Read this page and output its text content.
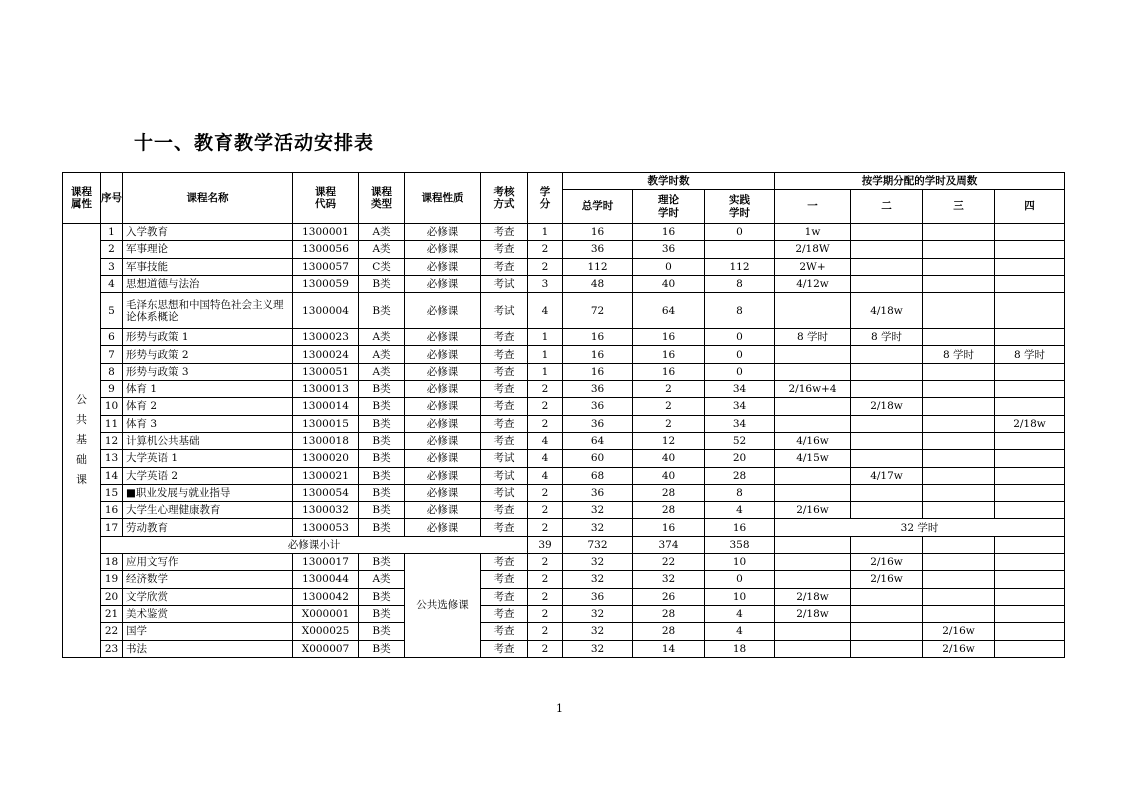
十一、教育教学活动安排表
课程属性	序号	课程名称	课程代码	课程类型	课程性质	考核方式	学分	教学时数			按学期分配的学时及周数			
								总学时	理论学时	实践学时	一	二	三	四

公
共
基
础
课	1	入学教育	1300001	A类	必修课	考查	1	16	16	0	1w			
	2	军事理论	1300056	A类	必修课	考查	2	36	36		2/18W			
	3	军事技能	1300057	C类	必修课	考查	2	112	0	112	2W+			
	4	思想道德与法治	1300059	B类	必修课	考试	3	48	40	8	4/12w			
	5	毛泽东思想和中国特色社会主义理论体系概论	1300004	B类	必修课	考试	4	72	64	8		4/18w		
	6	形势与政策 1	1300023	A类	必修课	考查	1	16	16	0	8 学时	8 学时		
	7	形势与政策 2	1300024	A类	必修课	考查	1	16	16	0			8 学时	8 学时
	8	形势与政策 3	1300051	A类	必修课	考查	1	16	16	0				
	9	体育 1	1300013	B类	必修课	考查	2	36	2	34	2/16w+4			
	10	体育 2	1300014	B类	必修课	考查	2	36	2	34		2/18w		
	11	体育 3	1300015	B类	必修课	考查	2	36	2	34				2/18w
	12	计算机公共基础	1300018	B类	必修课	考查	4	64	12	52	4/16w			
	13	大学英语 1	1300020	B类	必修课	考试	4	60	40	20	4/15w			
	14	大学英语 2	1300021	B类	必修课	考试	4	68	40	28		4/17w		
	15	■职业发展与就业指导	1300054	B类	必修课	考试	2	36	28	8				
	16	大学生心理健康教育	1300032	B类	必修课	考查	2	32	28	4	2/16w			
	17	劳动教育	1300053	B类	必修课	考查	2	32	16	16	32 学时			
	必修课小计						39	732	374	358				
	18	应用文写作	1300017	B类	公共选修课	考查	2	32	22	10		2/16w		
	19	经济数学	1300044	A类		考查	2	32	32	0		2/16w		
	20	文学欣赏	1300042	B类		考查	2	36	26	10	2/18w			
	21	美术鉴赏	X000001	B类		考查	2	32	28	4	2/18w			
	22	国学	X000025	B类		考查	2	32	28	4			2/16w	
	23	书法	X000007	B类		考查	2	32	14	18			2/16w	
1
